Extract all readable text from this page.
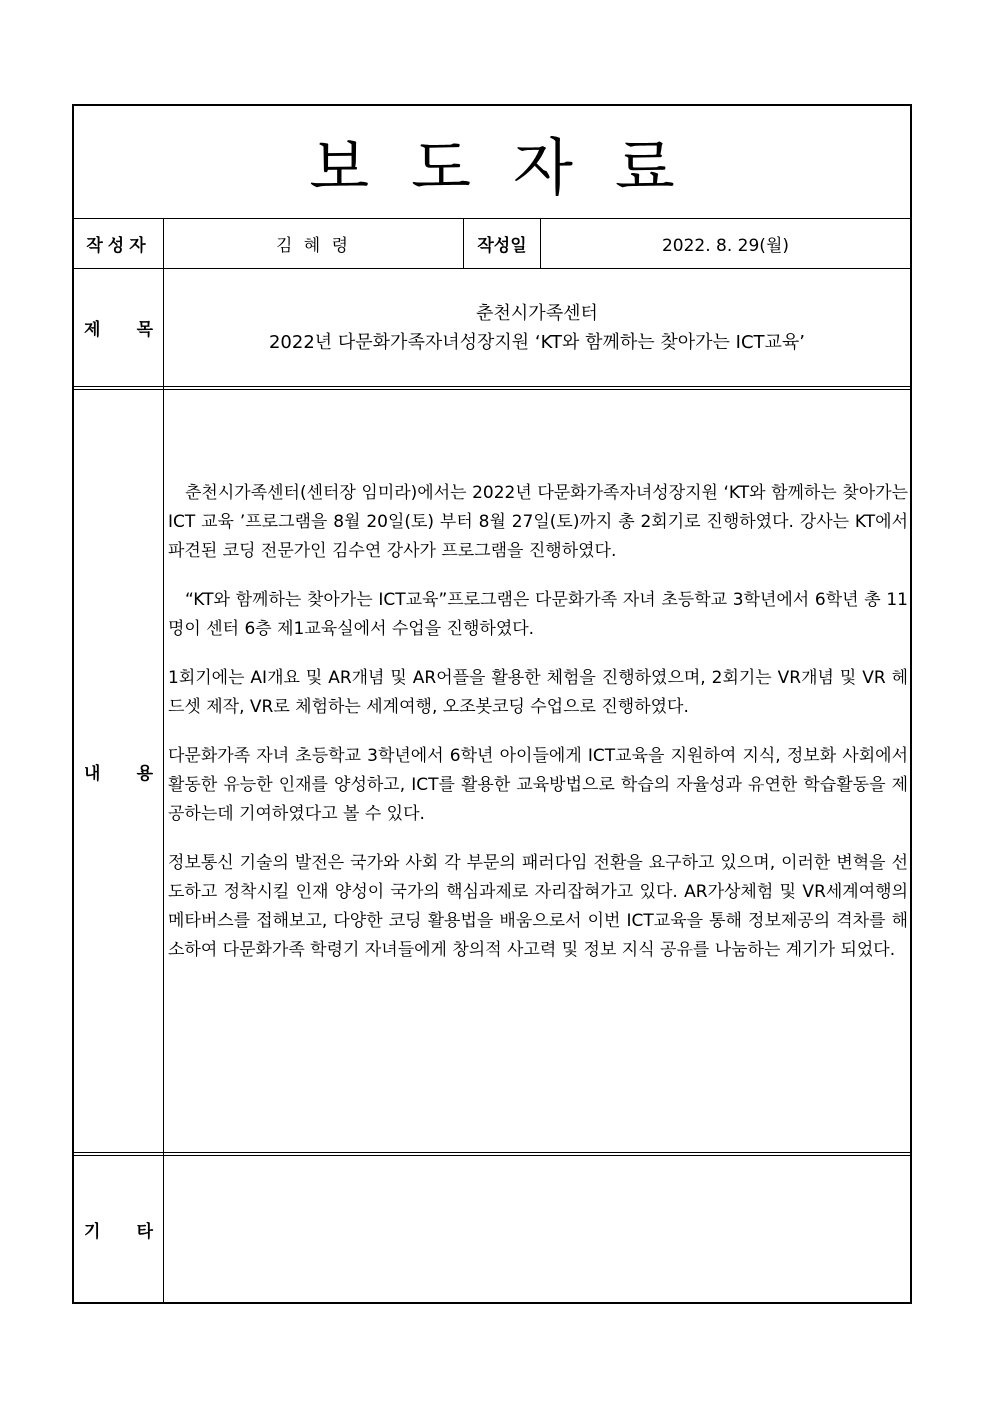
보도자료
작성자	김 혜 령	작성일	2022. 8. 29(월)
제 목
춘천시가족센터
2022년 다문화가족자녀성장지원 ‘KT와 함께하는 찾아가는 ICT교육’
내 용

춘천시가족센터(센터장 임미라)에서는 2022년 다문화가족자녀성장지원 ‘KT와 함께하는 찾아가는 ICT 교육 ’프로그램을 8월 20일(토) 부터 8월 27일(토)까지 총 2회기로 진행하였다. 강사는 KT에서 파견된 코딩 전문가인 김수연 강사가 프로그램을 진행하였다.

“KT와 함께하는 찾아가는 ICT교육”프로그램은 다문화가족 자녀 초등학교 3학년에서 6학년 총 11명이 센터 6층 제1교육실에서 수업을 진행하였다.

1회기에는 AI개요 및 AR개념 및 AR어플을 활용한 체험을 진행하였으며, 2회기는 VR개념 및 VR 헤드셋 제작, VR로 체험하는 세계여행, 오조봇코딩 수업으로 진행하였다.

다문화가족 자녀 초등학교 3학년에서 6학년 아이들에게 ICT교육을 지원하여 지식, 정보화 사회에서 활동한 유능한 인재를 양성하고, ICT를 활용한 교육방법으로 학습의 자율성과 유연한 학습활동을 제공하는데 기여하였다고 볼 수 있다.

정보통신 기술의 발전은 국가와 사회 각 부문의 패러다임 전환을 요구하고 있으며, 이러한 변혁을 선도하고 정착시킬 인재 양성이 국가의 핵심과제로 자리잡혀가고 있다. AR가상체험 및 VR세계여행의 메타버스를 접해보고, 다양한 코딩 활용법을 배움으로서 이번 ICT교육을 통해 정보제공의 격차를 해소하여 다문화가족 학령기 자녀들에게 창의적 사고력 및 정보 지식 공유를 나눔하는 계기가 되었다.

기 타
